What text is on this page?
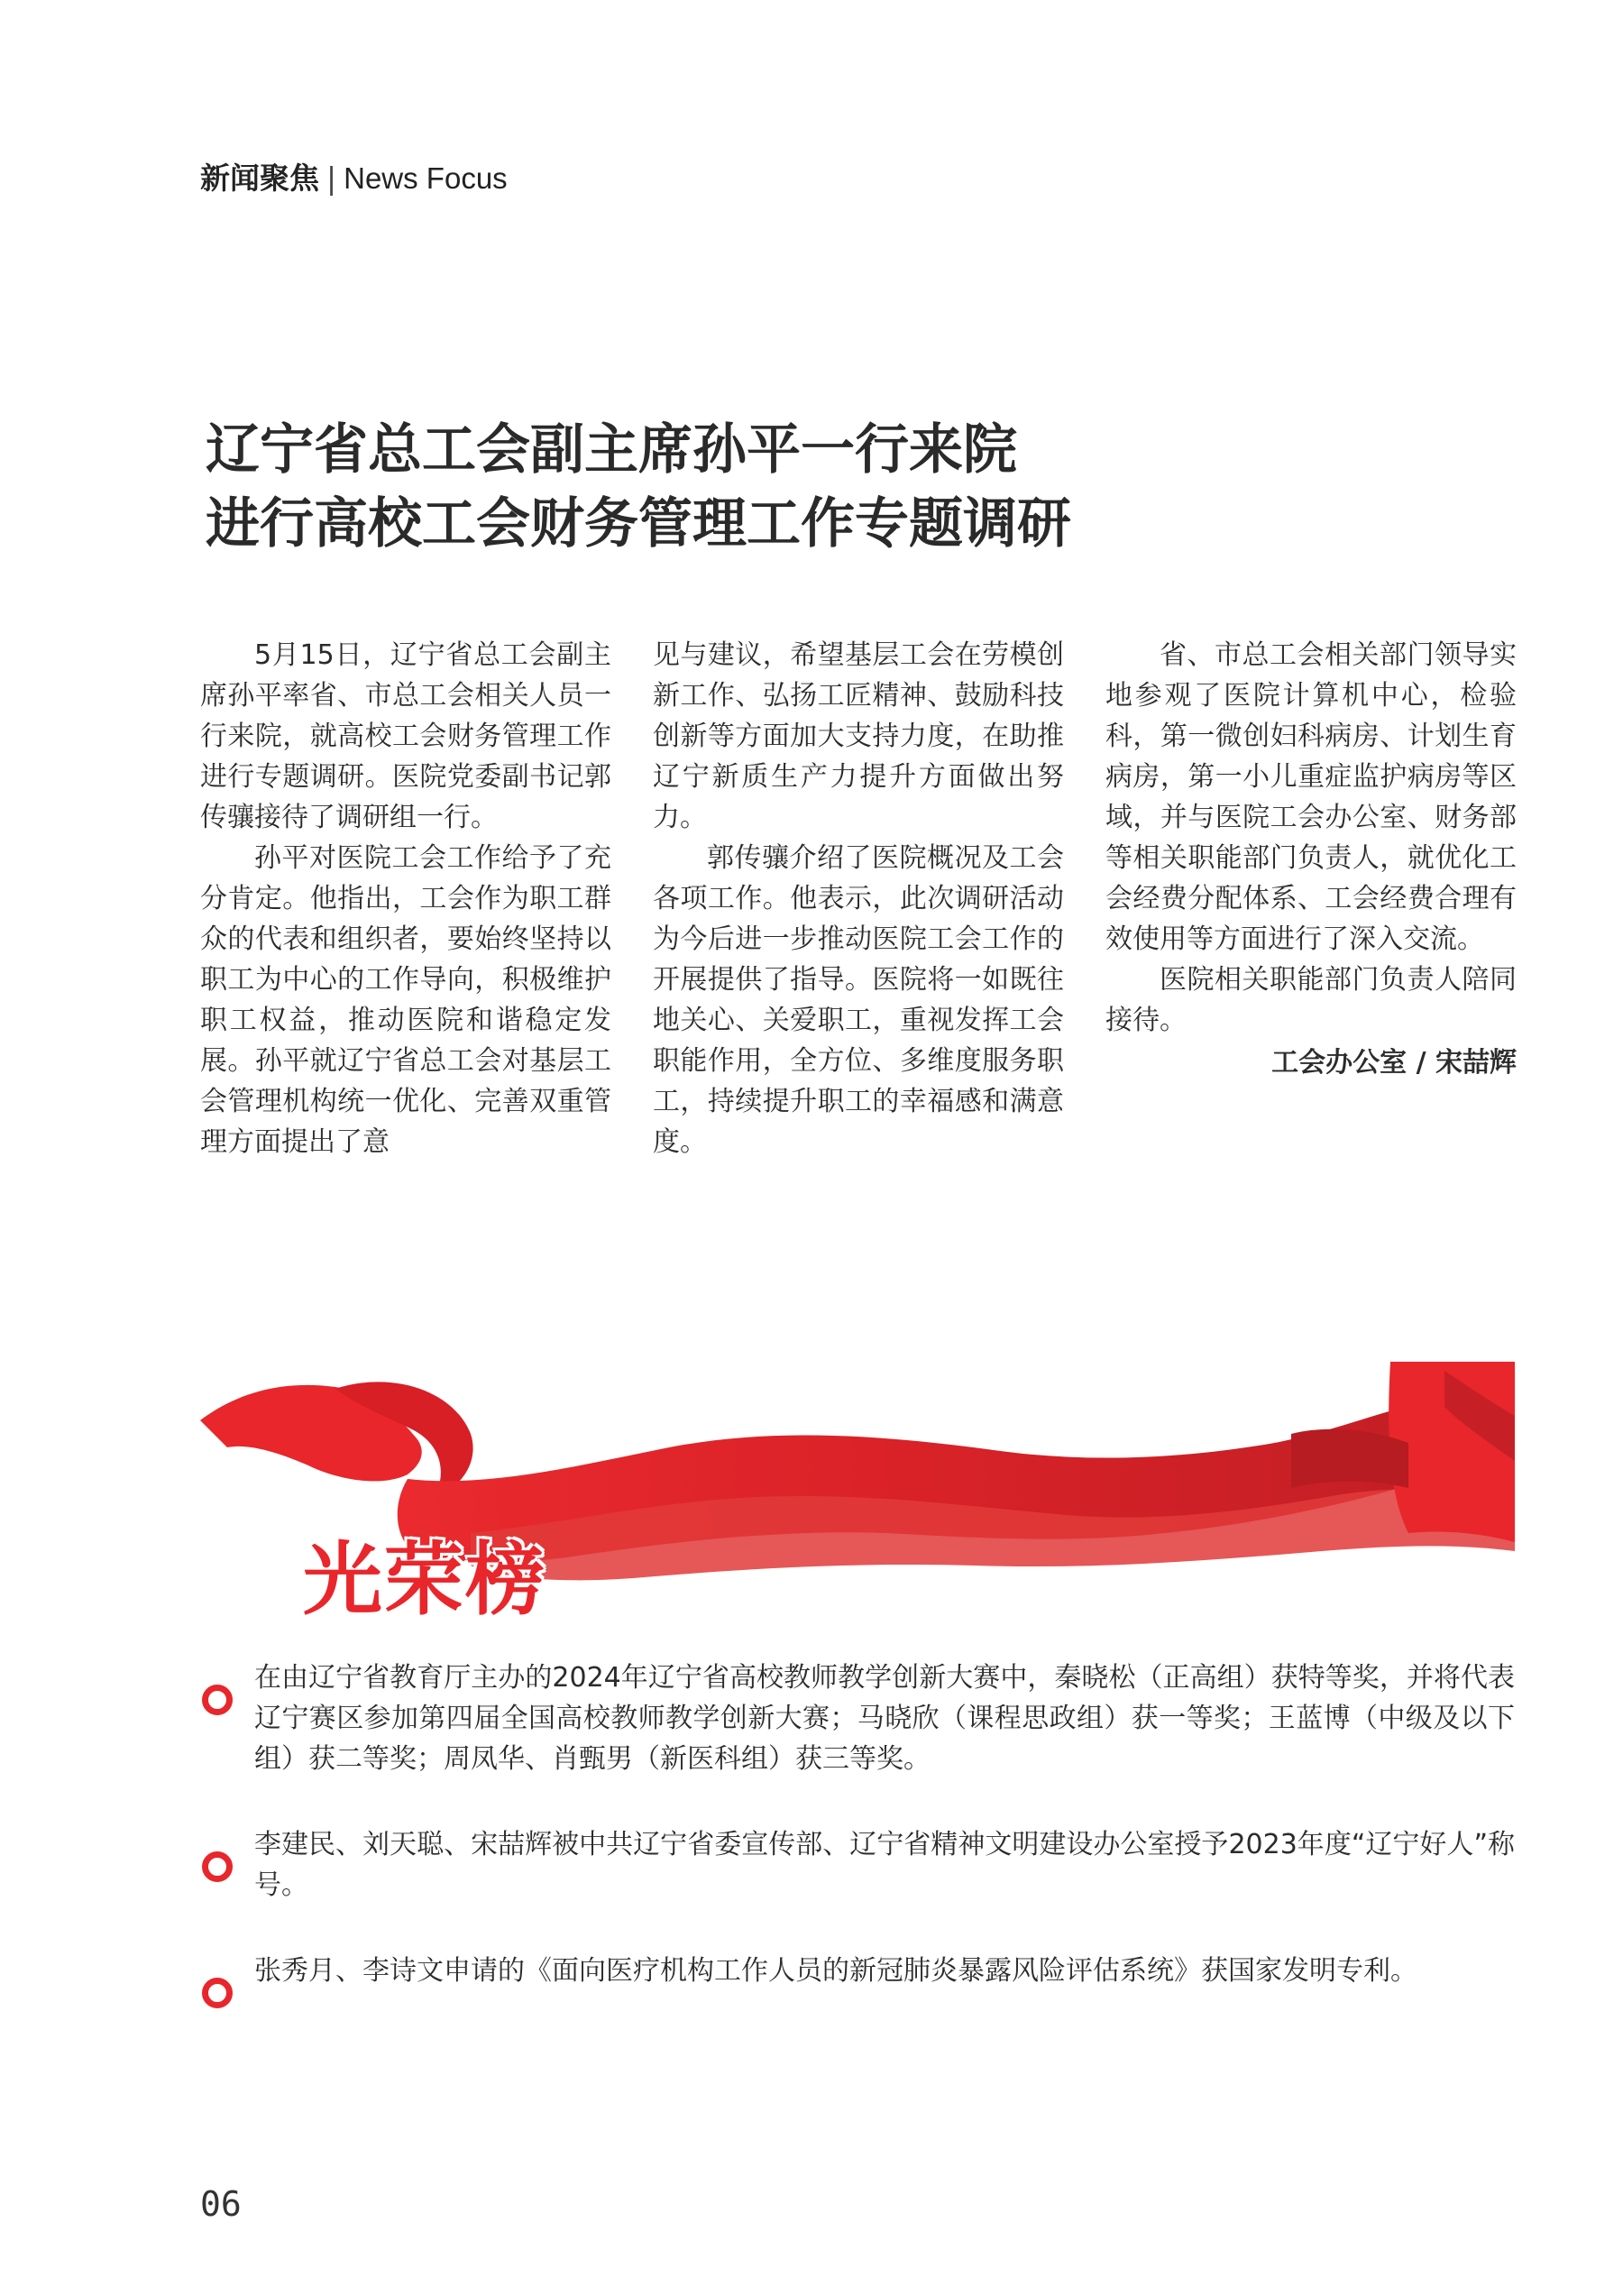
新闻聚焦 | News Focus
辽宁省总工会副主席孙平一行来院
进行高校工会财务管理工作专题调研

5月15日，辽宁省总工会副主席孙平率省、市总工会相关人员一行来院，就高校工会财务管理工作进行专题调研。医院党委副书记郭传骧接待了调研组一行。

孙平对医院工会工作给予了充分肯定。他指出，工会作为职工群众的代表和组织者，要始终坚持以职工为中心的工作导向，积极维护职工权益，推动医院和谐稳定发展。孙平就辽宁省总工会对基层工会管理机构统一优化、完善双重管理方面提出了意

见与建议，希望基层工会在劳模创新工作、弘扬工匠精神、鼓励科技创新等方面加大支持力度，在助推辽宁新质生产力提升方面做出努力。

郭传骧介绍了医院概况及工会各项工作。他表示，此次调研活动为今后进一步推动医院工会工作的开展提供了指导。医院将一如既往地关心、关爱职工，重视发挥工会职能作用，全方位、多维度服务职工，持续提升职工的幸福感和满意度。

省、市总工会相关部门领导实地参观了医院计算机中心，检验科，第一微创妇科病房、计划生育病房，第一小儿重症监护病房等区域，并与医院工会办公室、财务部等相关职能部门负责人，就优化工会经费分配体系、工会经费合理有效使用等方面进行了深入交流。

医院相关职能部门负责人陪同接待。

工会办公室 / 宋喆辉

光荣榜
在由辽宁省教育厅主办的2024年辽宁省高校教师教学创新大赛中，秦晓松（正高组）获特等奖，并将代表辽宁赛区参加第四届全国高校教师教学创新大赛；马晓欣（课程思政组）获一等奖；王蓝博（中级及以下组）获二等奖；周凤华、肖甄男（新医科组）获三等奖。
李建民、刘天聪、宋喆辉被中共辽宁省委宣传部、辽宁省精神文明建设办公室授予2023年度“辽宁好人”称号。
张秀月、李诗文申请的《面向医疗机构工作人员的新冠肺炎暴露风险评估系统》获国家发明专利。
06
